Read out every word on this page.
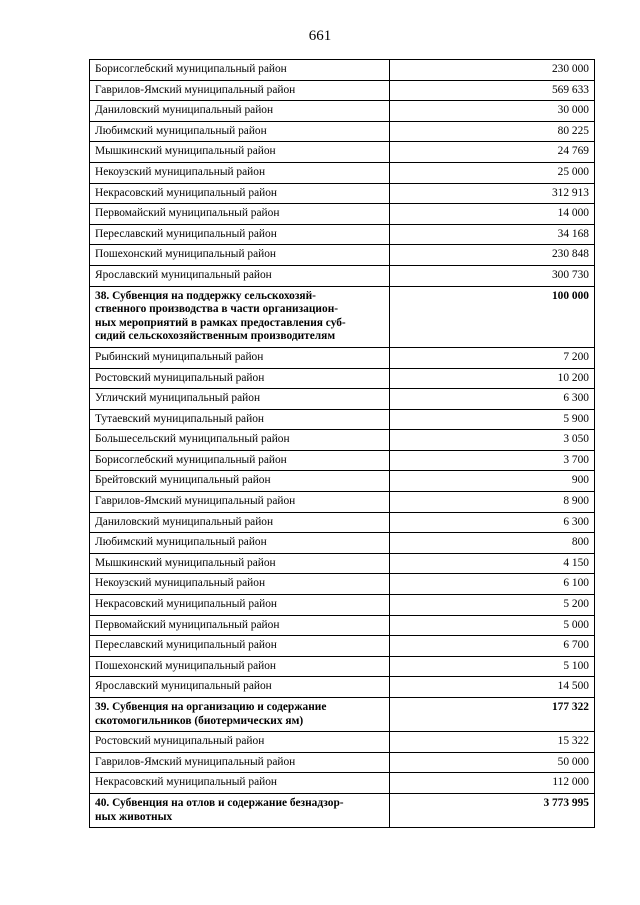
661
Борисоглебский муниципальный район	230 000
Гаврилов-Ямский муниципальный район	569 633
Даниловский муниципальный район	30 000
Любимский муниципальный район	80 225
Мышкинский муниципальный район	24 769
Некоузский муниципальный район	25 000
Некрасовский муниципальный район	312 913
Первомайский муниципальный район	14 000
Переславский муниципальный район	34 168
Пошехонский муниципальный район	230 848
Ярославский муниципальный район	300 730
38. Субвенция на поддержку сельскохозяй-
ственного производства в части организацион-
ных мероприятий в рамках предоставления суб-
сидий сельскохозяйственным производителям	100 000
Рыбинский муниципальный район	7 200
Ростовский муниципальный район	10 200
Угличский муниципальный район	6 300
Тутаевский муниципальный район	5 900
Большесельский муниципальный район	3 050
Борисоглебский муниципальный район	3 700
Брейтовский муниципальный район	900
Гаврилов-Ямский муниципальный район	8 900
Даниловский муниципальный район	6 300
Любимский муниципальный район	800
Мышкинский муниципальный район	4 150
Некоузский муниципальный район	6 100
Некрасовский муниципальный район	5 200
Первомайский муниципальный район	5 000
Переславский муниципальный район	6 700
Пошехонский муниципальный район	5 100
Ярославский муниципальный район	14 500
39. Субвенция на организацию и содержание
скотомогильников (биотермических ям)	177 322
Ростовский муниципальный район	15 322
Гаврилов-Ямский муниципальный район	50 000
Некрасовский муниципальный район	112 000
40. Субвенция на отлов и содержание безнадзор-
ных животных	3 773 995
